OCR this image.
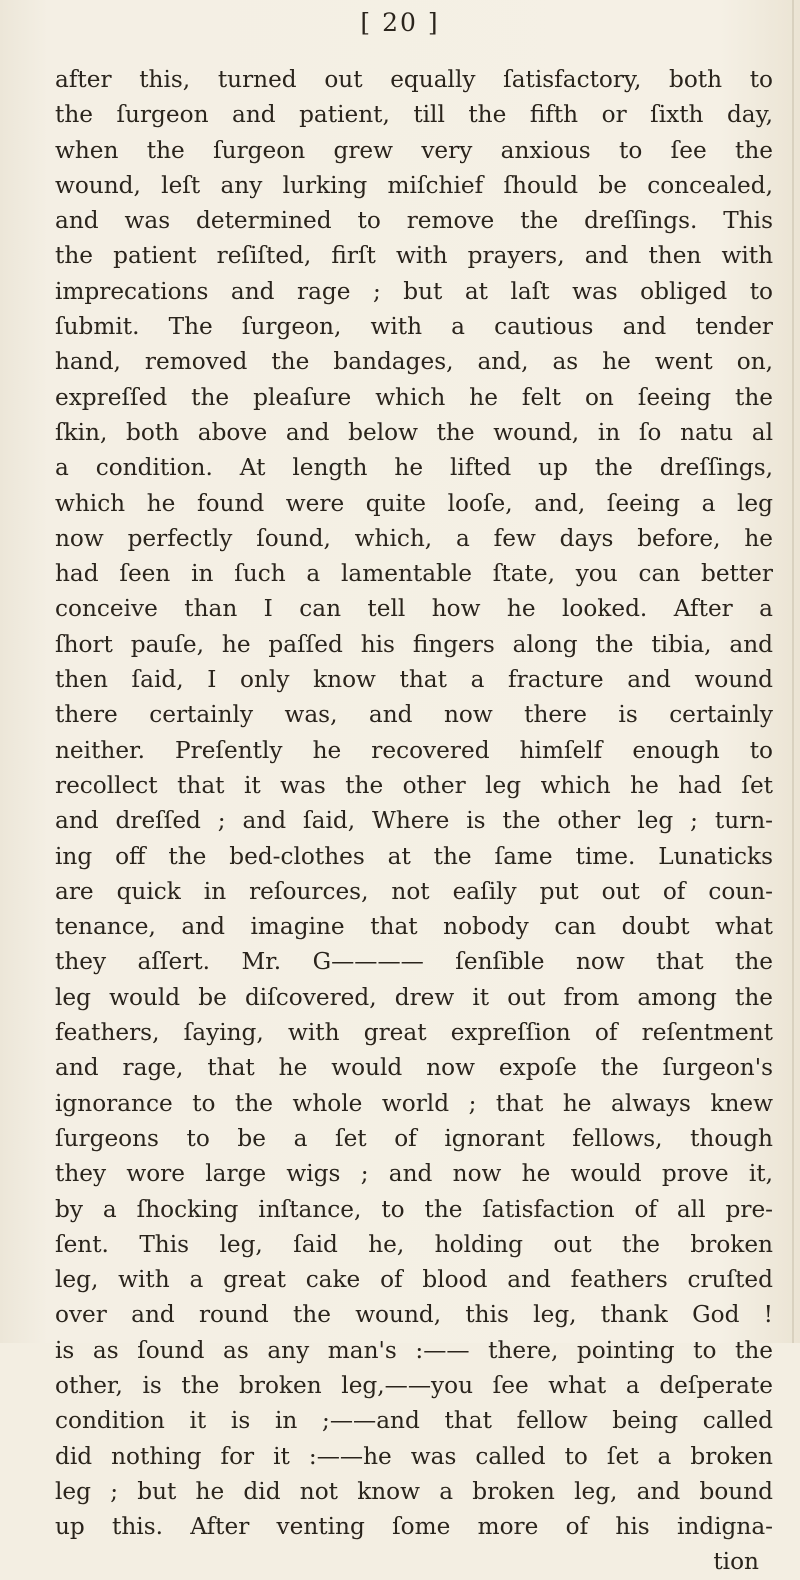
[ 20 ]
after this, turned out equally ſatisfactory, both to
the ſurgeon and patient, till the fifth or ſixth day,
when the ſurgeon grew very anxious to ſee the
wound, leſt any lurking miſchief ſhould be concealed,
and was determined to remove the dreſſings. This
the patient reſiſted, firſt with prayers, and then with
imprecations and rage ; but at laſt was obliged to
ſubmit. The ſurgeon, with a cautious and tender
hand, removed the bandages, and, as he went on,
expreſſed the pleaſure which he felt on ſeeing the
ſkin, both above and below the wound, in ſo natu al
a condition. At length he lifted up the dreſſings,
which he found were quite looſe, and, ſeeing a leg
now perfectly ſound, which, a few days before, he
had ſeen in ſuch a lamentable ſtate, you can better
conceive than I can tell how he looked. After a
ſhort pauſe, he paſſed his fingers along the tibia, and
then ſaid, I only know that a fracture and wound
there certainly was, and now there is certainly
neither. Preſently he recovered himſelf enough to
recollect that it was the other leg which he had ſet
and dreſſed ; and ſaid, Where is the other leg ; turn-
ing off the bed-clothes at the ſame time. Lunaticks
are quick in reſources, not eaſily put out of coun-
tenance, and imagine that nobody can doubt what
they aſſert. Mr. G———— ſenſible now that the
leg would be diſcovered, drew it out from among the
feathers, ſaying, with great expreſſion of reſentment
and rage, that he would now expoſe the ſurgeon's
ignorance to the whole world ; that he always knew
ſurgeons to be a ſet of ignorant fellows, though
they wore large wigs ; and now he would prove it,
by a ſhocking inſtance, to the ſatisfaction of all pre-
ſent. This leg, ſaid he, holding out the broken
leg, with a great cake of blood and feathers cruſted
over and round the wound, this leg, thank God !
is as ſound as any man's :—— there, pointing to the
other, is the broken leg,——you ſee what a deſperate
condition it is in ;——and that fellow being called
did nothing for it :——he was called to ſet a broken
leg ; but he did not know a broken leg, and bound
up this. After venting ſome more of his indigna-
tion
